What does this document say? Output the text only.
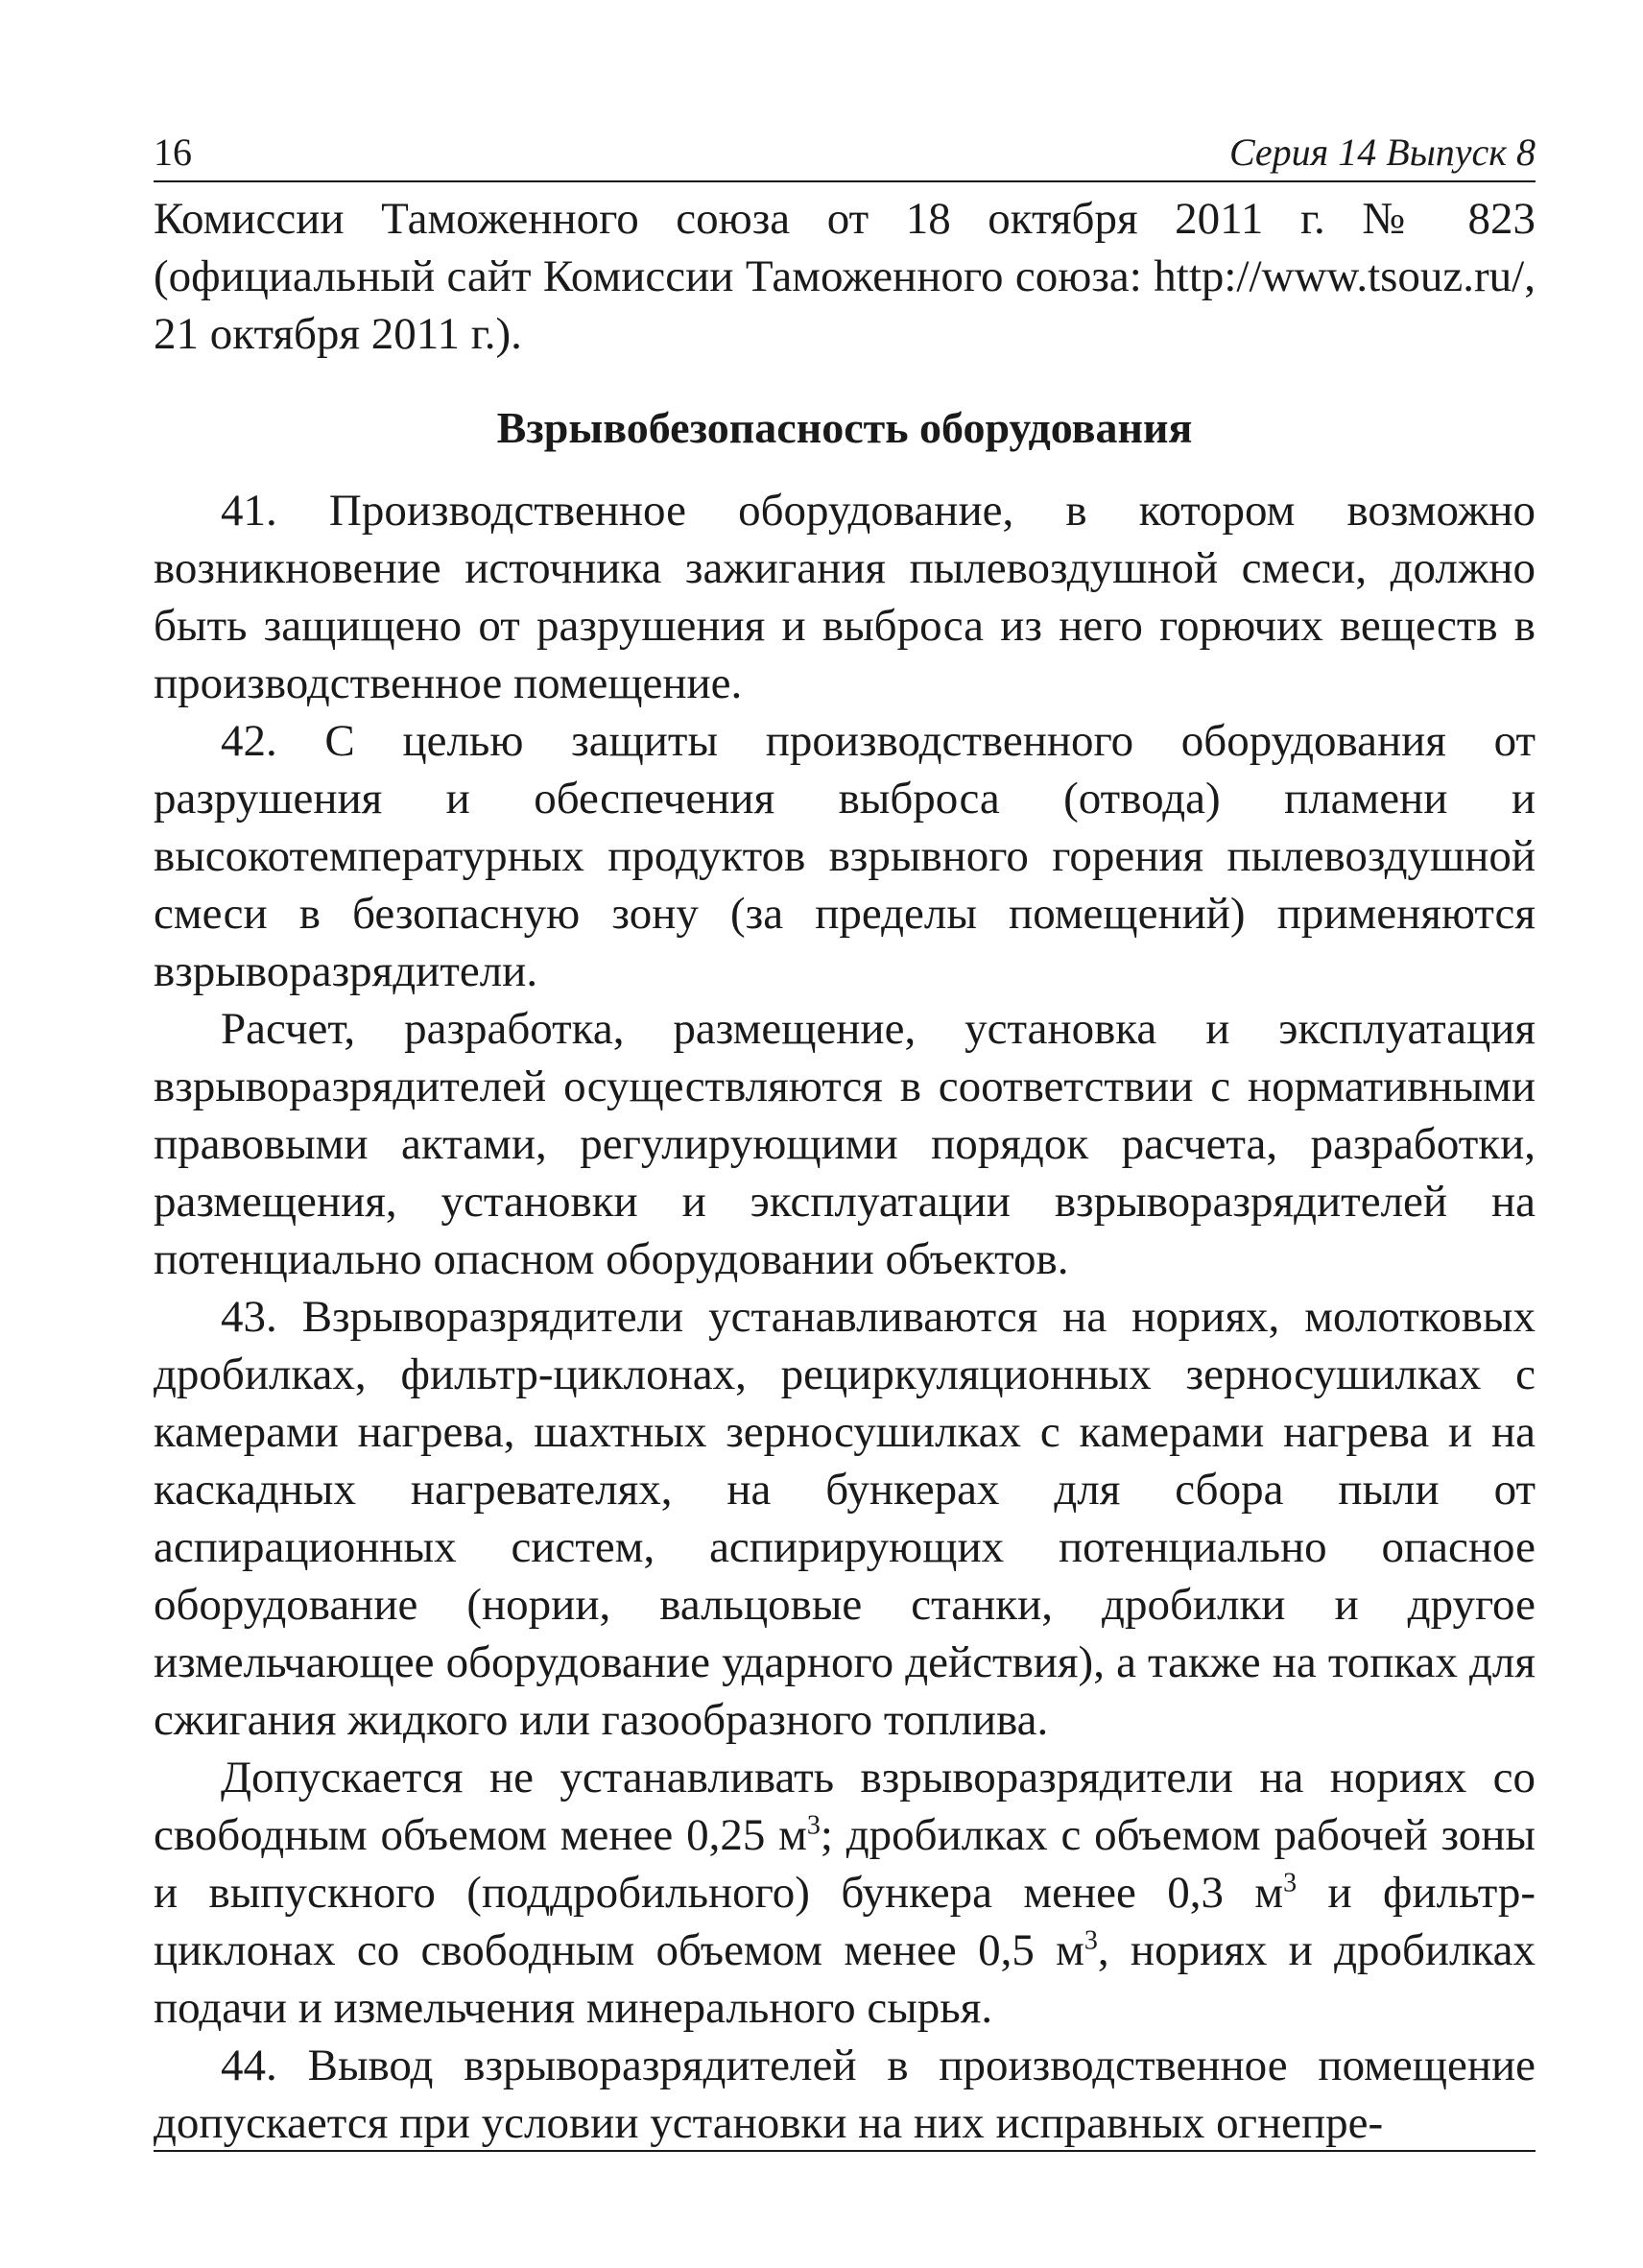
16	Серия 14 Выпуск 8

Комиссии Таможенного союза от 18 октября 2011 г. № 823 (официальный сайт Комиссии Таможенного союза: http://www.tsouz.ru/, 21 октября 2011 г.).

Взрывобезопасность оборудования

41. Производственное оборудование, в котором возможно возникновение источника зажигания пылевоздушной смеси, должно быть защищено от разрушения и выброса из него горючих веществ в производственное помещение.

42. С целью защиты производственного оборудования от разрушения и обеспечения выброса (отвода) пламени и высокотемпературных продуктов взрывного горения пылевоздушной смеси в безопасную зону (за пределы помещений) применяются взрыворазрядители.

Расчет, разработка, размещение, установка и эксплуатация взрыворазрядителей осуществляются в соответствии с нормативными правовыми актами, регулирующими порядок расчета, разработки, размещения, установки и эксплуатации взрыворазрядителей на потенциально опасном оборудовании объектов.

43. Взрыворазрядители устанавливаются на нориях, молотковых дробилках, фильтр-циклонах, рециркуляционных зерносушилках с камерами нагрева, шахтных зерносушилках с камерами нагрева и на каскадных нагревателях, на бункерах для сбора пыли от аспирационных систем, аспирирующих потенциально опасное оборудование (нории, вальцовые станки, дробилки и другое измельчающее оборудование ударного действия), а также на топках для сжигания жидкого или газообразного топлива.

Допускается не устанавливать взрыворазрядители на нориях со свободным объемом менее 0,25 $м^3$; дробилках с объемом рабочей зоны и выпускного (поддробильного) бункера менее 0,3 $м^3$ и фильтр-циклонах со свободным объемом менее 0,5 $м^3$, нориях и дробилках подачи и измельчения минерального сырья.

44. Вывод взрыворазрядителей в производственное помещение допускается при условии установки на них исправных огнепре-
